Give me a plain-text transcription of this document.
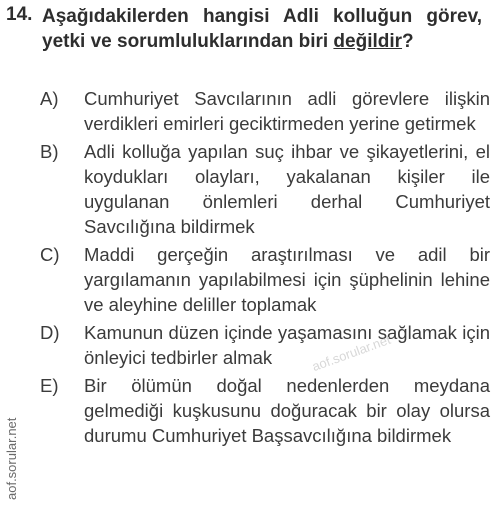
14. Aşağıdakilerden hangisi Adli kolluğun görev, yetki ve sorumluluklarından biri değildir?
A) Cumhuriyet Savcılarının adli görevlere ilişkin verdikleri emirleri geciktirmeden yerine getirmek
B) Adli kolluğa yapılan suç ihbar ve şikayetlerini, el koydukları olayları, yakalanan kişiler ile uygulanan önlemleri derhal Cumhuriyet Savcılığına bildirmek
C) Maddi gerçeğin araştırılması ve adil bir yargılamanın yapılabilmesi için şüphelinin lehine ve aleyhine deliller toplamak
D) Kamunun düzen içinde yaşamasını sağlamak için önleyici tedbirler almak
E) Bir ölümün doğal nedenlerden meydana gelmediği kuşkusunu doğuracak bir olay olursa durumu Cumhuriyet Başsavcılığına bildirmek
aof.sorular.net
aof.sorular.net
